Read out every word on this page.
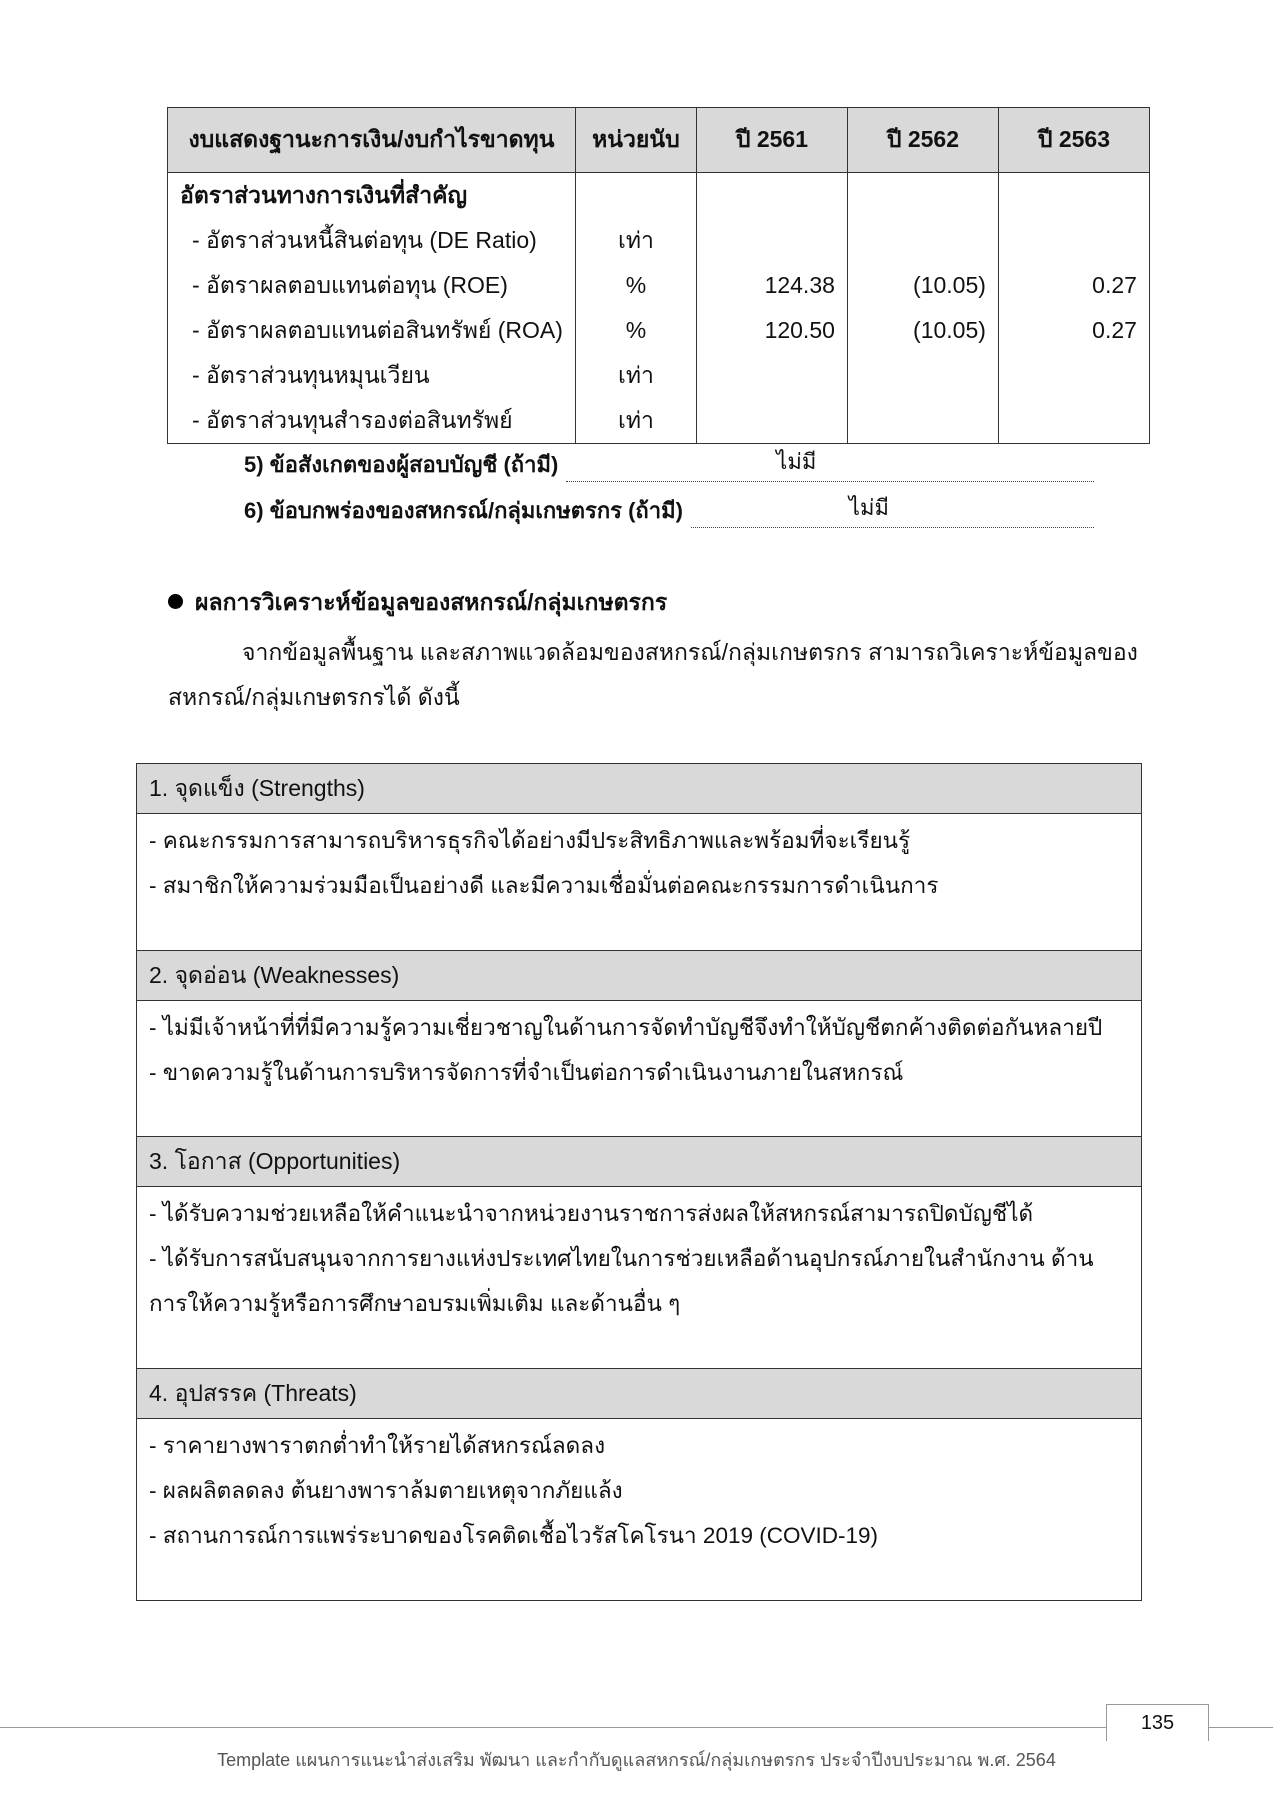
งบแสดงฐานะการเงิน/งบกำไรขาดทุน	หน่วยนับ	ปี 2561	ปี 2562	ปี 2563
อัตราส่วนทางการเงินที่สำคัญ				
- อัตราส่วนหนี้สินต่อทุน (DE Ratio)	เท่า			
- อัตราผลตอบแทนต่อทุน (ROE)	%	124.38	(10.05)	0.27
- อัตราผลตอบแทนต่อสินทรัพย์ (ROA)	%	120.50	(10.05)	0.27
- อัตราส่วนทุนหมุนเวียน	เท่า			
- อัตราส่วนทุนสำรองต่อสินทรัพย์	เท่า			
5) ข้อสังเกตของผู้สอบบัญชี (ถ้ามี)	ไม่มี
6) ข้อบกพร่องของสหกรณ์/กลุ่มเกษตรกร (ถ้ามี)	ไม่มี
ผลการวิเคราะห์ข้อมูลของสหกรณ์/กลุ่มเกษตรกร
จากข้อมูลพื้นฐาน และสภาพแวดล้อมของสหกรณ์/กลุ่มเกษตรกร สามารถวิเคราะห์ข้อมูลของสหกรณ์/กลุ่มเกษตรกรได้ ดังนี้
1. จุดแข็ง (Strengths)
- คณะกรรมการสามารถบริหารธุรกิจได้อย่างมีประสิทธิภาพและพร้อมที่จะเรียนรู้
- สมาชิกให้ความร่วมมือเป็นอย่างดี และมีความเชื่อมั่นต่อคณะกรรมการดำเนินการ
2. จุดอ่อน (Weaknesses)
- ไม่มีเจ้าหน้าที่ที่มีความรู้ความเชี่ยวชาญในด้านการจัดทำบัญชีจึงทำให้บัญชีตกค้างติดต่อกันหลายปี
- ขาดความรู้ในด้านการบริหารจัดการที่จำเป็นต่อการดำเนินงานภายในสหกรณ์
3. โอกาส (Opportunities)
- ได้รับความช่วยเหลือให้คำแนะนำจากหน่วยงานราชการส่งผลให้สหกรณ์สามารถปิดบัญชีได้
- ได้รับการสนับสนุนจากการยางแห่งประเทศไทยในการช่วยเหลือด้านอุปกรณ์ภายในสำนักงาน ด้านการให้ความรู้หรือการศึกษาอบรมเพิ่มเติม และด้านอื่น ๆ
4. อุปสรรค (Threats)
- ราคายางพาราตกต่ำทำให้รายได้สหกรณ์ลดลง
- ผลผลิตลดลง ต้นยางพาราล้มตายเหตุจากภัยแล้ง
- สถานการณ์การแพร่ระบาดของโรคติดเชื้อไวรัสโคโรนา 2019 (COVID-19)
135
Template แผนการแนะนำส่งเสริม พัฒนา และกำกับดูแลสหกรณ์/กลุ่มเกษตรกร ประจำปีงบประมาณ พ.ศ. 2564
